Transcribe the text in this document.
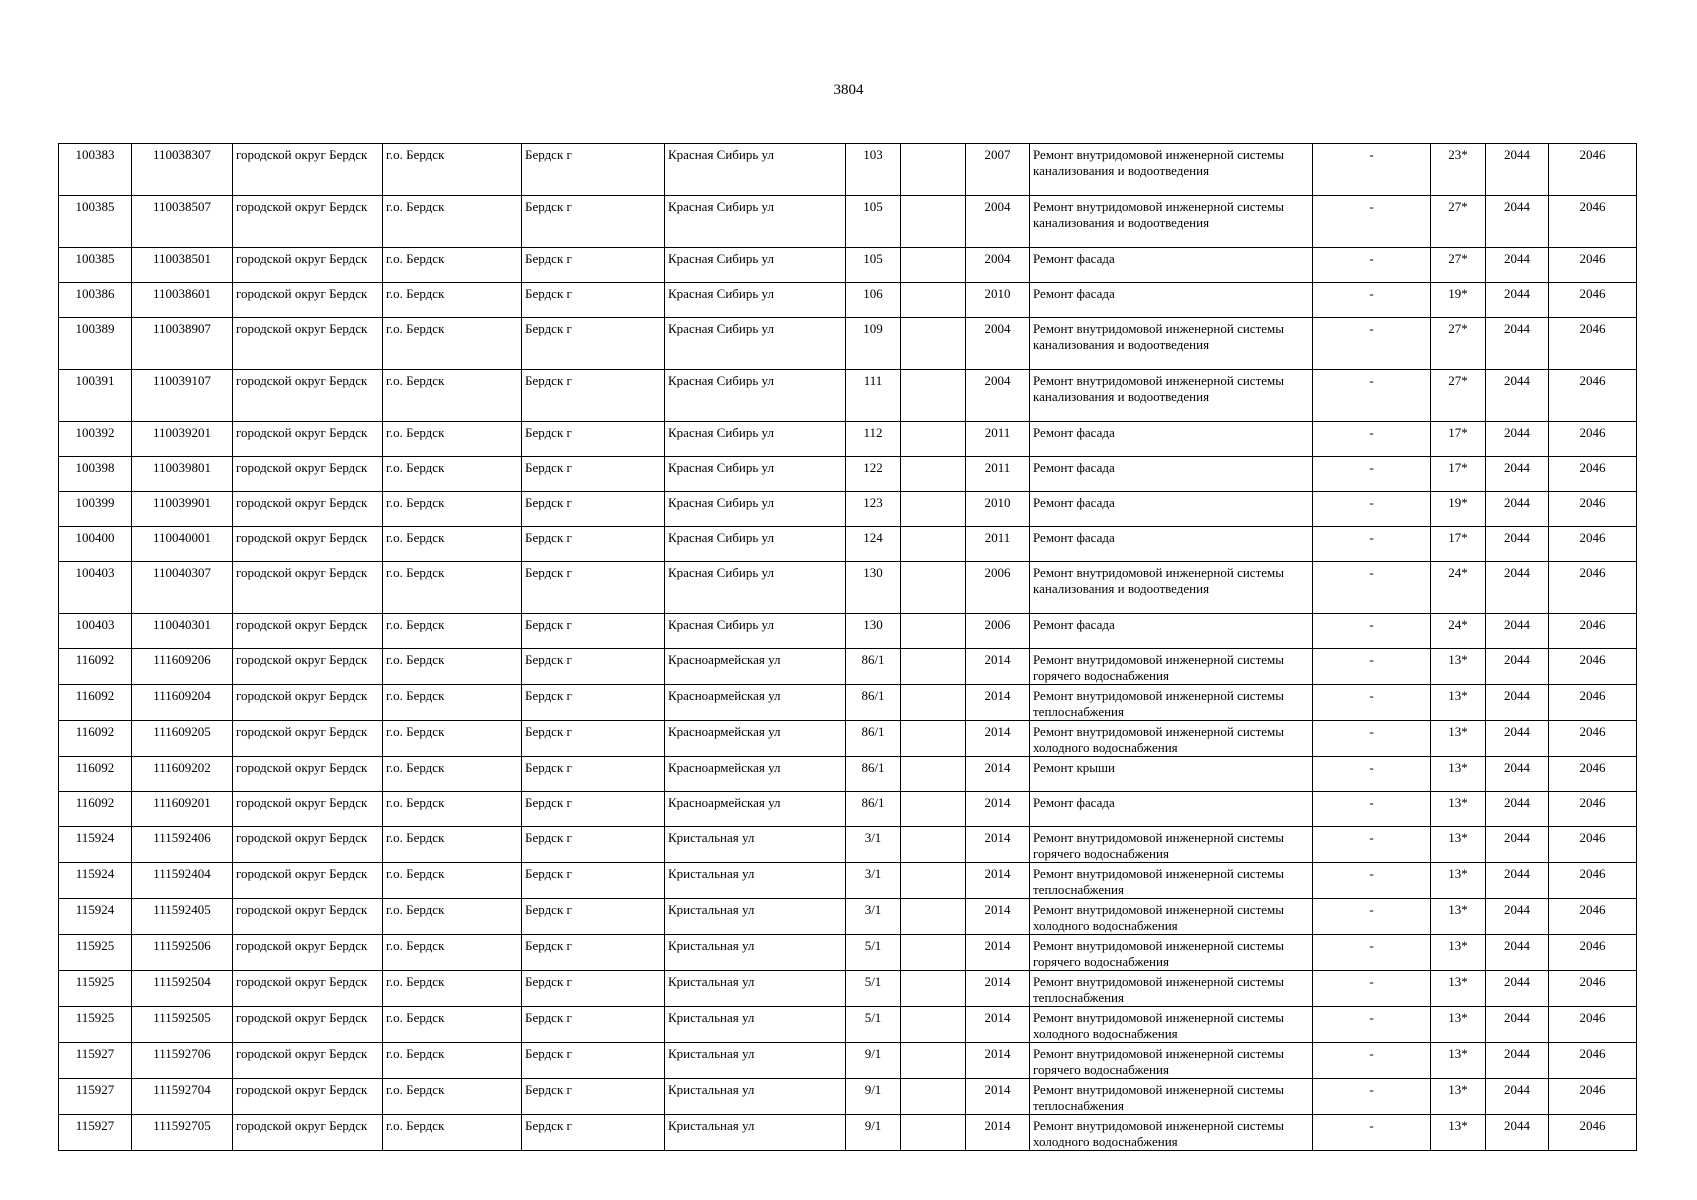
3804
100383	110038307	городской округ Бердск	г.о. Бердск	Бердск г	Красная Сибирь ул	103		2007	Ремонт внутридомовой инженерной системы канализования и водоотведения	-	23*	2044	2046
100385	110038507	городской округ Бердск	г.о. Бердск	Бердск г	Красная Сибирь ул	105		2004	Ремонт внутридомовой инженерной системы канализования и водоотведения	-	27*	2044	2046
100385	110038501	городской округ Бердск	г.о. Бердск	Бердск г	Красная Сибирь ул	105		2004	Ремонт фасада	-	27*	2044	2046
100386	110038601	городской округ Бердск	г.о. Бердск	Бердск г	Красная Сибирь ул	106		2010	Ремонт фасада	-	19*	2044	2046
100389	110038907	городской округ Бердск	г.о. Бердск	Бердск г	Красная Сибирь ул	109		2004	Ремонт внутридомовой инженерной системы канализования и водоотведения	-	27*	2044	2046
100391	110039107	городской округ Бердск	г.о. Бердск	Бердск г	Красная Сибирь ул	111		2004	Ремонт внутридомовой инженерной системы канализования и водоотведения	-	27*	2044	2046
100392	110039201	городской округ Бердск	г.о. Бердск	Бердск г	Красная Сибирь ул	112		2011	Ремонт фасада	-	17*	2044	2046
100398	110039801	городской округ Бердск	г.о. Бердск	Бердск г	Красная Сибирь ул	122		2011	Ремонт фасада	-	17*	2044	2046
100399	110039901	городской округ Бердск	г.о. Бердск	Бердск г	Красная Сибирь ул	123		2010	Ремонт фасада	-	19*	2044	2046
100400	110040001	городской округ Бердск	г.о. Бердск	Бердск г	Красная Сибирь ул	124		2011	Ремонт фасада	-	17*	2044	2046
100403	110040307	городской округ Бердск	г.о. Бердск	Бердск г	Красная Сибирь ул	130		2006	Ремонт внутридомовой инженерной системы канализования и водоотведения	-	24*	2044	2046
100403	110040301	городской округ Бердск	г.о. Бердск	Бердск г	Красная Сибирь ул	130		2006	Ремонт фасада	-	24*	2044	2046
116092	111609206	городской округ Бердск	г.о. Бердск	Бердск г	Красноармейская ул	86/1		2014	Ремонт внутридомовой инженерной системы горячего водоснабжения	-	13*	2044	2046
116092	111609204	городской округ Бердск	г.о. Бердск	Бердск г	Красноармейская ул	86/1		2014	Ремонт внутридомовой инженерной системы теплоснабжения	-	13*	2044	2046
116092	111609205	городской округ Бердск	г.о. Бердск	Бердск г	Красноармейская ул	86/1		2014	Ремонт внутридомовой инженерной системы холодного водоснабжения	-	13*	2044	2046
116092	111609202	городской округ Бердск	г.о. Бердск	Бердск г	Красноармейская ул	86/1		2014	Ремонт крыши	-	13*	2044	2046
116092	111609201	городской округ Бердск	г.о. Бердск	Бердск г	Красноармейская ул	86/1		2014	Ремонт фасада	-	13*	2044	2046
115924	111592406	городской округ Бердск	г.о. Бердск	Бердск г	Кристальная ул	3/1		2014	Ремонт внутридомовой инженерной системы горячего водоснабжения	-	13*	2044	2046
115924	111592404	городской округ Бердск	г.о. Бердск	Бердск г	Кристальная ул	3/1		2014	Ремонт внутридомовой инженерной системы теплоснабжения	-	13*	2044	2046
115924	111592405	городской округ Бердск	г.о. Бердск	Бердск г	Кристальная ул	3/1		2014	Ремонт внутридомовой инженерной системы холодного водоснабжения	-	13*	2044	2046
115925	111592506	городской округ Бердск	г.о. Бердск	Бердск г	Кристальная ул	5/1		2014	Ремонт внутридомовой инженерной системы горячего водоснабжения	-	13*	2044	2046
115925	111592504	городской округ Бердск	г.о. Бердск	Бердск г	Кристальная ул	5/1		2014	Ремонт внутридомовой инженерной системы теплоснабжения	-	13*	2044	2046
115925	111592505	городской округ Бердск	г.о. Бердск	Бердск г	Кристальная ул	5/1		2014	Ремонт внутридомовой инженерной системы холодного водоснабжения	-	13*	2044	2046
115927	111592706	городской округ Бердск	г.о. Бердск	Бердск г	Кристальная ул	9/1		2014	Ремонт внутридомовой инженерной системы горячего водоснабжения	-	13*	2044	2046
115927	111592704	городской округ Бердск	г.о. Бердск	Бердск г	Кристальная ул	9/1		2014	Ремонт внутридомовой инженерной системы теплоснабжения	-	13*	2044	2046
115927	111592705	городской округ Бердск	г.о. Бердск	Бердск г	Кристальная ул	9/1		2014	Ремонт внутридомовой инженерной системы холодного водоснабжения	-	13*	2044	2046
